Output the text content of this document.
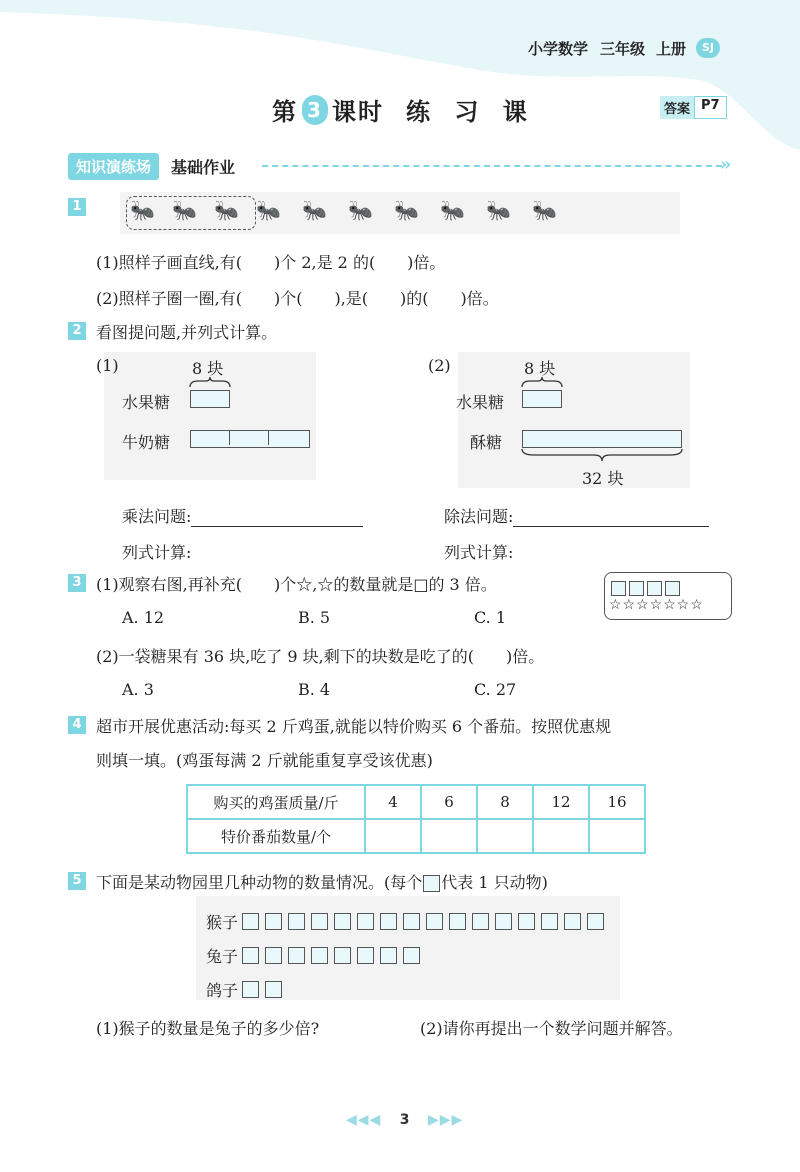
小学数学 三年级 上册	SJ
第 3 课时 练 习 课	答案 P7
知识演练场	基础作业	»
1 🐜 🐜 🐜 🐜	🐜	🐜	🐜	🐜	🐜	🐜
(1)照样子画直线,有(　　)个 2,是 2 的(　　)倍。
(2)照样子圈一圈,有(　　)个(　　),是(　　)的(　　)倍。
2 看图提问题,并列式计算。
(1)	8 块
水果糖
牛奶糖
(2)	8 块
水果糖
酥糖
32 块
乘法问题:	除法问题:
列式计算:	列式计算:
3 (1)观察右图,再补充(　　)个☆,☆的数量就是□的 3 倍。
A. 12	B. 5	C. 1
☆☆☆☆☆☆☆
(2)一袋糖果有 36 块,吃了 9 块,剩下的块数是吃了的(　　)倍。
A. 3	B. 4	C. 27
4 超市开展优惠活动:每买 2 斤鸡蛋,就能以特价购买 6 个番茄。按照优惠规
则填一填。(鸡蛋每满 2 斤就能重复享受该优惠)
购买的鸡蛋质量/斤	4	6	8	12	16
特价番茄数量/个					
5 下面是某动物园里几种动物的数量情况。(每个 代表 1 只动物)
猴子
兔子
鸽子
(1)猴子的数量是兔子的多少倍?	(2)请你再提出一个数学问题并解答。
◀◀◀ 3 ▶▶▶
